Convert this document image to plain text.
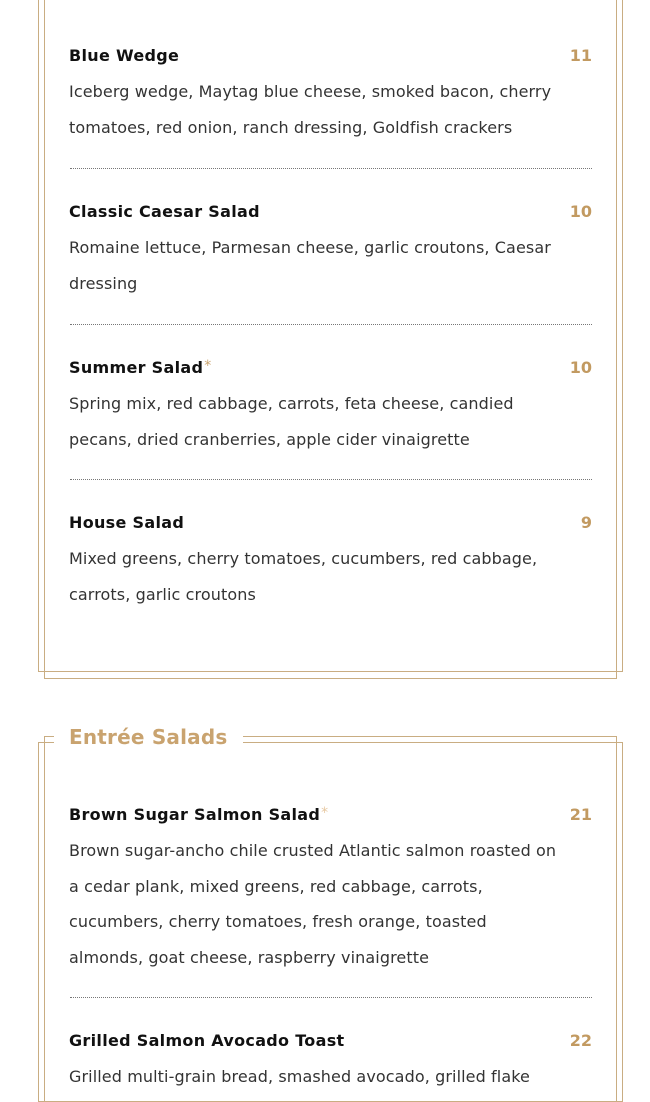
Blue Wedge	11
Iceberg wedge, Maytag blue cheese, smoked bacon, cherry tomatoes, red onion, ranch dressing, Goldfish crackers
Classic Caesar Salad	10
Romaine lettuce, Parmesan cheese, garlic croutons, Caesar dressing
Summer Salad*	10
Spring mix, red cabbage, carrots, feta cheese, candied pecans, dried cranberries, apple cider vinaigrette
House Salad	9
Mixed greens, cherry tomatoes, cucumbers, red cabbage, carrots, garlic croutons
Entrée Salads
Brown Sugar Salmon Salad*	21
Brown sugar-ancho chile crusted Atlantic salmon roasted on a cedar plank, mixed greens, red cabbage, carrots, cucumbers, cherry tomatoes, fresh orange, toasted almonds, goat cheese, raspberry vinaigrette
Grilled Salmon Avocado Toast	22
Grilled multi-grain bread, smashed avocado, grilled flake
